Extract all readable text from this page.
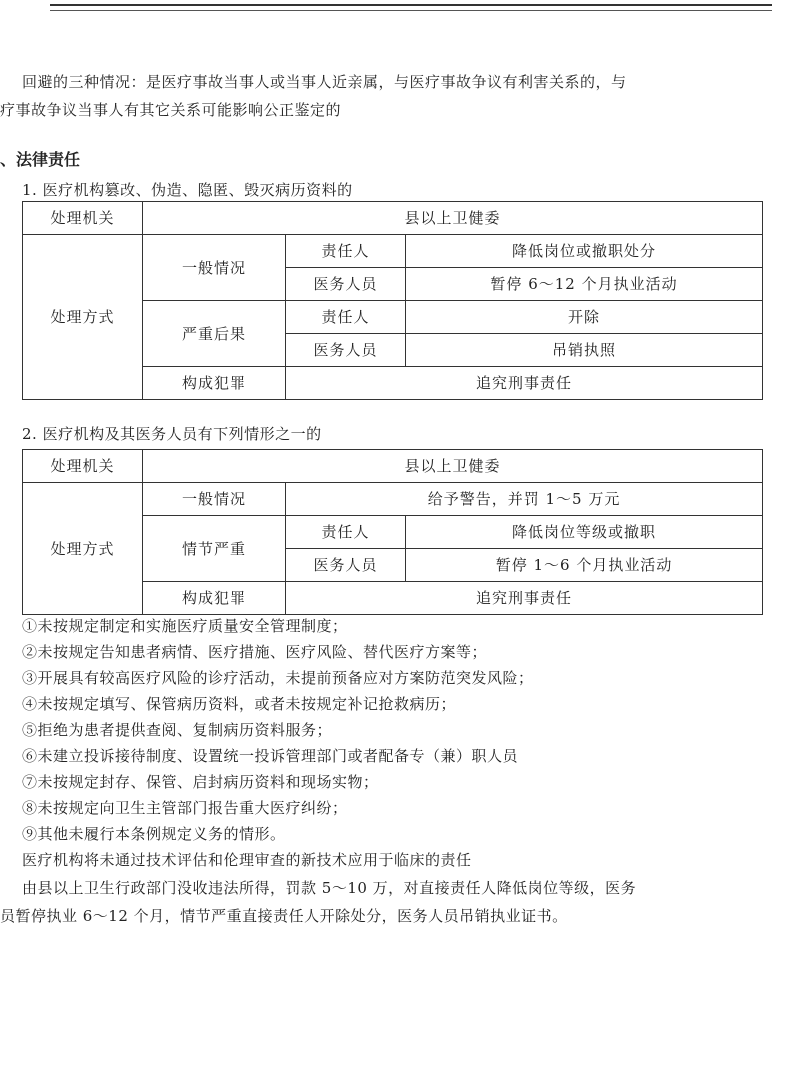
回避的三种情况：是医疗事故当事人或当事人近亲属，与医疗事故争议有利害关系的，与
疗事故争议当事人有其它关系可能影响公正鉴定的
、法律责任
1. 医疗机构篡改、伪造、隐匿、毁灭病历资料的
处理机关	县以上卫健委		
处理方式	一般情况	责任人	降低岗位或撤职处分
		医务人员	暂停 6～12 个月执业活动
	严重后果	责任人	开除
		医务人员	吊销执照
	构成犯罪	追究刑事责任	
2. 医疗机构及其医务人员有下列情形之一的
处理机关	县以上卫健委		
处理方式	一般情况	给予警告，并罚 1～5 万元	
	情节严重	责任人	降低岗位等级或撤职
		医务人员	暂停 1～6 个月执业活动
	构成犯罪	追究刑事责任	
①未按规定制定和实施医疗质量安全管理制度；
②未按规定告知患者病情、医疗措施、医疗风险、替代医疗方案等；
③开展具有较高医疗风险的诊疗活动，未提前预备应对方案防范突发风险；
④未按规定填写、保管病历资料，或者未按规定补记抢救病历；
⑤拒绝为患者提供查阅、复制病历资料服务；
⑥未建立投诉接待制度、设置统一投诉管理部门或者配备专（兼）职人员
⑦未按规定封存、保管、启封病历资料和现场实物；
⑧未按规定向卫生主管部门报告重大医疗纠纷；
⑨其他未履行本条例规定义务的情形。
医疗机构将未通过技术评估和伦理审查的新技术应用于临床的责任
由县以上卫生行政部门没收违法所得，罚款 5～10 万，对直接责任人降低岗位等级，医务
员暂停执业 6～12 个月，情节严重直接责任人开除处分，医务人员吊销执业证书。
